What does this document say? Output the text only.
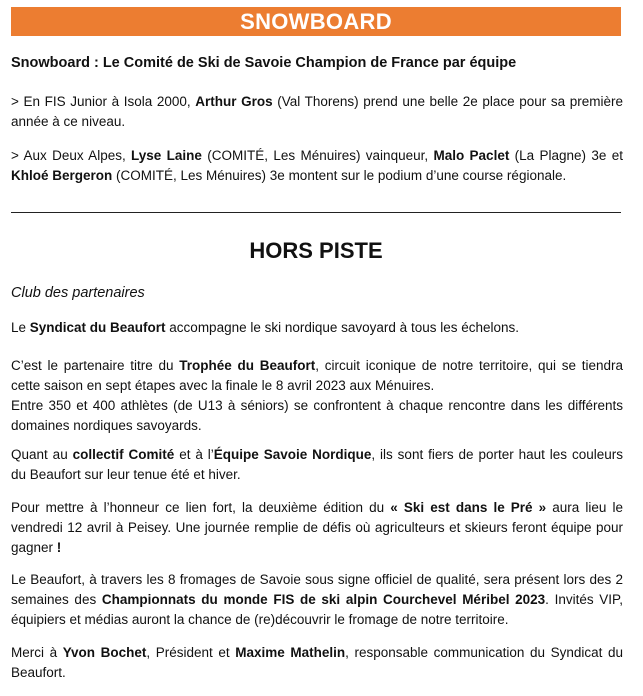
SNOWBOARD
Snowboard : Le Comité de Ski de Savoie Champion de France par équipe
> En FIS Junior à Isola 2000, Arthur Gros (Val Thorens) prend une belle 2e place pour sa première année à ce niveau.
> Aux Deux Alpes, Lyse Laine (COMITÉ, Les Ménuires) vainqueur, Malo Paclet (La Plagne) 3e et Khloé Bergeron (COMITÉ, Les Ménuires) 3e montent sur le podium d’une course régionale.
HORS PISTE
Club des partenaires
Le Syndicat du Beaufort accompagne le ski nordique savoyard à tous les échelons.
C’est le partenaire titre du Trophée du Beaufort, circuit iconique de notre territoire, qui se tiendra cette saison en sept étapes avec la finale le 8 avril 2023 aux Ménuires.
Entre 350 et 400 athlètes (de U13 à séniors) se confrontent à chaque rencontre dans les différents domaines nordiques savoyards.
Quant au collectif Comité et à l’Équipe Savoie Nordique, ils sont fiers de porter haut les couleurs du Beaufort sur leur tenue été et hiver.
Pour mettre à l’honneur ce lien fort, la deuxième édition du « Ski est dans le Pré » aura lieu le vendredi 12 avril à Peisey. Une journée remplie de défis où agriculteurs et skieurs feront équipe pour gagner !
Le Beaufort, à travers les 8 fromages de Savoie sous signe officiel de qualité, sera présent lors des 2 semaines des Championnats du monde FIS de ski alpin Courchevel Méribel 2023. Invités VIP, équipiers et médias auront la chance de (re)découvrir le fromage de notre territoire.
Merci à Yvon Bochet, Président et Maxime Mathelin, responsable communication du Syndicat du Beaufort.
